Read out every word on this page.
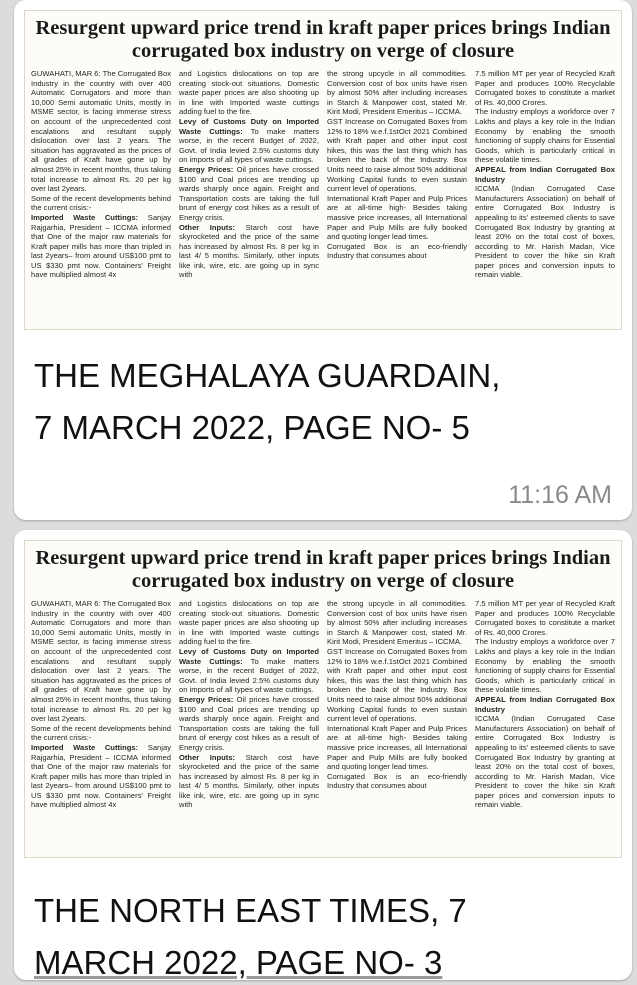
Resurgent upward price trend in kraft paper prices brings Indian corrugated box industry on verge of closure

GUWAHATI, MAR 6: The Corrugated Box Industry in the country with over 400 Automatic Corrugators and more than 10,000 Semi automatic Units, mostly in MSME sector, is facing immense stress on account of the unprecedented cost escalations and resultant supply dislocation over last 2 years. The situation has aggravated as the prices of all grades of Kraft have gone up by almost 25% in recent months, thus taking total increase to almost Rs. 20 per kg over last 2years.

Some of the recent developments behind the current crisis:-

Imported Waste Cuttings: Sanjay Rajgarhia, President – ICCMA informed that One of the major raw materials for Kraft paper mills has more than tripled in last 2years– from around US$100 pmt to US $330 pmt now. Containers' Freight have multiplied almost 4x

and Logistics dislocations on top are creating stock-out situations. Domestic waste paper prices are also shooting up in line with Imported waste cuttings adding fuel to the fire.

Levy of Customs Duty on Imported Waste Cuttings: To make matters worse, in the recent Budget of 2022, Govt. of India levied 2.5% customs duty on imports of all types of waste cuttings.

Energy Prices: Oil prices have crossed $100 and Coal prices are trending up wards sharply once again. Freight and Transportation costs are taking the full brunt of energy cost hikes as a result of Energy crisis.

Other Inputs: Starch cost have skyrocketed and the price of the same has increased by almost Rs. 8 per kg in last 4/ 5 months. Similarly, other inputs like ink, wire, etc. are going up in sync with

the strong upcycle in all commodities. Conversion cost of box units have risen by almost 50% after including increases in Starch & Manpower cost, stated Mr. Kirit Modi, President Emeritus – ICCMA.

GST Increase on Corrugated Boxes from 12% to 18% w.e.f.1stOct 2021 Combined with Kraft paper and other input cost hikes, this was the last thing which has broken the back of the Industry. Box Units need to raise almost 50% additional Working Capital funds to even sustain current level of operations.

International Kraft Paper and Pulp Prices are at all-time high- Besides taking massive price increases, all International Paper and Pulp Mills are fully booked and quoting longer lead times.

Corrugated Box is an eco-friendly Industry that consumes about

7.5 million MT per year of Recycled Kraft Paper and produces 100% Recyclable Corrugated boxes to constitute a market of Rs. 40,000 Crores.

The Industry employs a workforce over 7 Lakhs and plays a key role in the Indian Economy by enabling the smooth functioning of supply chains for Essential Goods, which is particularly critical in these volatile times.

APPEAL from Indian Corrugated Box Industry

ICCMA (Indian Corrugated Case Manufacturers Association) on behalf of entire Corrugated Box Industry is appealing to its' esteemed clients to save Corrugated Box Industry by granting at least 20% on the total cost of boxes, according to Mr. Harish Madan, Vice President to cover the hike sin Kraft paper prices and conversion inputs to remain viable.

THE MEGHALAYA GUARDAIN,
7 MARCH 2022, PAGE NO- 5
11:16 AM
Resurgent upward price trend in kraft paper prices brings Indian corrugated box industry on verge of closure

GUWAHATI, MAR 6: The Corrugated Box Industry in the country with over 400 Automatic Corrugators and more than 10,000 Semi automatic Units, mostly in MSME sector, is facing immense stress on account of the unprecedented cost escalations and resultant supply dislocation over last 2 years. The situation has aggravated as the prices of all grades of Kraft have gone up by almost 25% in recent months, thus taking total increase to almost Rs. 20 per kg over last 2years.

Some of the recent developments behind the current crisis:-

Imported Waste Cuttings: Sanjay Rajgarhia, President – ICCMA informed that One of the major raw materials for Kraft paper mills has more than tripled in last 2years– from around US$100 pmt to US $330 pmt now. Containers' Freight have multiplied almost 4x

and Logistics dislocations on top are creating stock-out situations. Domestic waste paper prices are also shooting up in line with Imported waste cuttings adding fuel to the fire.

Levy of Customs Duty on Imported Waste Cuttings: To make matters worse, in the recent Budget of 2022, Govt. of India levied 2.5% customs duty on imports of all types of waste cuttings.

Energy Prices: Oil prices have crossed $100 and Coal prices are trending up wards sharply once again. Freight and Transportation costs are taking the full brunt of energy cost hikes as a result of Energy crisis.

Other Inputs: Starch cost have skyrocketed and the price of the same has increased by almost Rs. 8 per kg in last 4/ 5 months. Similarly, other inputs like ink, wire, etc. are going up in sync with

the strong upcycle in all commodities. Conversion cost of box units have risen by almost 50% after including increases in Starch & Manpower cost, stated Mr. Kirit Modi, President Emeritus – ICCMA.

GST Increase on Corrugated Boxes from 12% to 18% w.e.f.1stOct 2021 Combined with Kraft paper and other input cost hikes, this was the last thing which has broken the back of the Industry. Box Units need to raise almost 50% additional Working Capital funds to even sustain current level of operations.

International Kraft Paper and Pulp Prices are at all-time high- Besides taking massive price increases, all International Paper and Pulp Mills are fully booked and quoting longer lead times.

Corrugated Box is an eco-friendly Industry that consumes about

7.5 million MT per year of Recycled Kraft Paper and produces 100% Recyclable Corrugated boxes to constitute a market of Rs. 40,000 Crores.

The Industry employs a workforce over 7 Lakhs and plays a key role in the Indian Economy by enabling the smooth functioning of supply chains for Essential Goods, which is particularly critical in these volatile times.

APPEAL from Indian Corrugated Box Industry

ICCMA (Indian Corrugated Case Manufacturers Association) on behalf of entire Corrugated Box Industry is appealing to its' esteemed clients to save Corrugated Box Industry by granting at least 20% on the total cost of boxes, according to Mr. Harish Madan, Vice President to cover the hike sin Kraft paper prices and conversion inputs to remain viable.

THE NORTH EAST TIMES, 7
MARCH 2022, PAGE NO- 3
